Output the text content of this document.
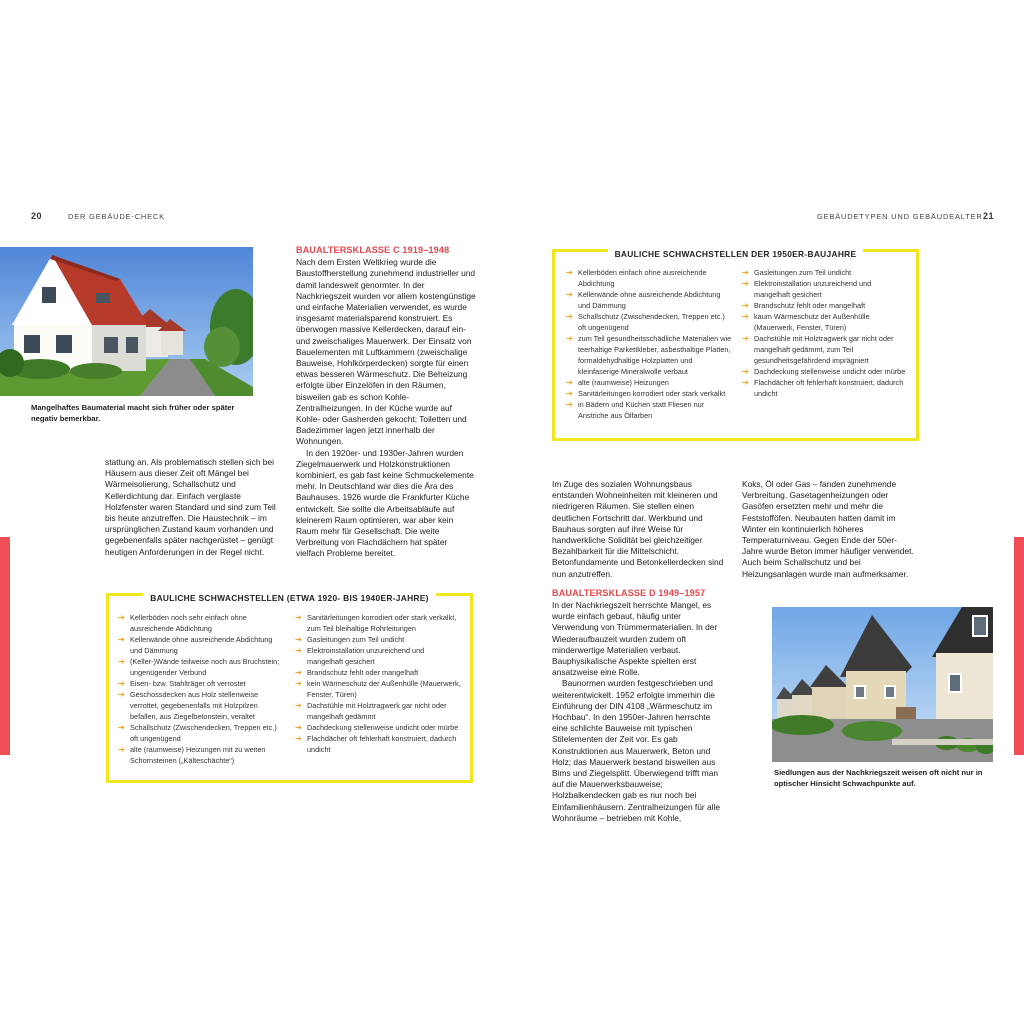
20	DER GEBÄUDE-CHECK	GEBÄUDETYPEN UND GEBÄUDEALTER 21
Mangelhaftes Baumaterial macht sich früher oder später negativ bemerkbar.

stattung an. Als problematisch stellen sich bei Häusern aus dieser Zeit oft Mängel bei Wärmeisolierung, Schallschutz und Kellerdichtung dar. Einfach verglaste Holzfenster waren Standard und sind zum Teil bis heute anzutreffen. Die Haustechnik – im ursprünglichen Zustand kaum vorhanden und gegebenenfalls später nachgerüstet – genügt heutigen Anforderungen in der Regel nicht.

BAUALTERSKLASSE C 1919–1948

Nach dem Ersten Weltkrieg wurde die Baustoffherstellung zunehmend industrieller und damit landesweit genormter. In der Nachkriegszeit wurden vor allem kostengünstige und einfache Materialien verwendet, es wurde insgesamt materialsparend konstruiert. Es überwogen massive Kellerdecken, darauf ein- und zweischaliges Mauerwerk. Der Einsatz von Bauelementen mit Luftkammern (zweischalige Bauweise, Hohlkörperdecken) sorgte für einen etwas besseren Wärmeschutz. Die Beheizung erfolgte über Einzelöfen in den Räumen, bisweilen gab es schon Kohle-Zentralheizungen. In der Küche wurde auf Kohle- oder Gasherden gekocht; Toiletten und Badezimmer lagen jetzt innerhalb der Wohnungen.

In den 1920er- und 1930er-Jahren wurden Ziegelmauerwerk und Holzkonstruktionen kombiniert, es gab fast keine Schmuckelemente mehr. In Deutschland war dies die Ära des Bauhauses. 1926 wurde die Frankfurter Küche entwickelt. Sie sollte die Arbeitsabläufe auf kleinerem Raum optimieren, war aber kein Raum mehr für Gesellschaft. Die weite Verbreitung von Flachdächern hat später vielfach Probleme bereitet.

BAULICHE SCHWACHSTELLEN (ETWA 1920- BIS 1940ER-JAHRE)
➔ Kellerböden noch sehr einfach ohne ausreichende Abdichtung
➔ Kellerwände ohne ausreichende Abdichtung und Dämmung
➔ (Keller-)Wände teilweise noch aus Bruchstein; ungenügender Verbund
➔ Eisen- bzw. Stahlträger oft verrostet
➔ Geschossdecken aus Holz stellenweise verrottet, gegebenenfalls mit Holzpilzen befallen, aus Ziegelbetonstein, veraltet
➔ Schallschutz (Zwischendecken, Treppen etc.) oft ungenügend
➔ alte (raumweise) Heizungen mit zu weiten Schornsteinen („Kälteschächte“)
➔ Sanitärleitungen korrodiert oder stark verkalkt, zum Teil bleihaltige Rohrleitungen
➔ Gasleitungen zum Teil undicht
➔ Elektroinstallation unzureichend und mangelhaft gesichert
➔ Brandschutz fehlt oder mangelhaft
➔ kein Wärmeschutz der Außenhülle (Mauerwerk, Fenster, Türen)
➔ Dachstühle mit Holztragwerk gar nicht oder mangelhaft gedämmt
➔ Dachdeckung stellenweise undicht oder mürbe
➔ Flachdächer oft fehlerhaft konstruiert, dadurch undicht
BAULICHE SCHWACHSTELLEN DER 1950ER-BAUJAHRE
➔ Kellerböden einfach ohne ausreichende Abdichtung
➔ Kellerwände ohne ausreichende Abdichtung und Dämmung
➔ Schallschutz (Zwischendecken, Treppen etc.) oft ungenügend
➔ zum Teil gesundheitsschädliche Materialien wie teerhaltige Parkettkleber, asbesthaltige Platten, formaldehydhaltige Holzplatten und kleinfaserige Mineralwolle verbaut
➔ alte (raumweise) Heizungen
➔ Sanitärleitungen korrodiert oder stark verkalkt
➔ in Bädern und Küchen statt Fliesen nur Anstriche aus Ölfarben
➔ Gasleitungen zum Teil undicht
➔ Elektroinstallation unzureichend und mangelhaft gesichert
➔ Brandschutz fehlt oder mangelhaft
➔ kaum Wärmeschutz der Außenhülle (Mauerwerk, Fenster, Türen)
➔ Dachstühle mit Holztragwerk gar nicht oder mangelhaft gedämmt, zum Teil gesundheitsgefährdend imprägniert
➔ Dachdeckung stellenweise undicht oder mürbe
➔ Flachdächer oft fehlerhaft konstruiert, dadurch undicht

Im Zuge des sozialen Wohnungsbaus entstanden Wohneinheiten mit kleineren und niedrigeren Räumen. Sie stellen einen deutlichen Fortschritt dar. Werkbund und Bauhaus sorgten auf ihre Weise für handwerkliche Solidität bei gleichzeitiger Bezahlbarkeit für die Mittelschicht. Betonfundamente und Betonkellerdecken sind nun anzutreffen.

BAUALTERSKLASSE D 1949–1957

In der Nachkriegszeit herrschte Mangel, es wurde einfach gebaut, häufig unter Verwendung von Trümmermaterialien. In der Wiederaufbauzeit wurden zudem oft minderwertige Materialien verbaut. Bauphysikalische Aspekte spielten erst ansatzweise eine Rolle.

Baunormen wurden festgeschrieben und weiterentwickelt. 1952 erfolgte immerhin die Einführung der DIN 4108 „Wärmeschutz im Hochbau“. In den 1950er-Jahren herrschte eine schlichte Bauweise mit typischen Stilelementen der Zeit vor. Es gab Konstruktionen aus Mauerwerk, Beton und Holz; das Mauerwerk bestand bisweilen aus Bims und Ziegelsplitt. Überwiegend trifft man auf die Mauerwerksbauweise; Holzbalkendecken gab es nur noch bei Einfamilienhäusern. Zentralheizungen für alle Wohnräume – betrieben mit Kohle,

Koks, Öl oder Gas – fanden zunehmende Verbreitung. Gasetagenheizungen oder Gasöfen ersetzten mehr und mehr die Feststofföfen. Neubauten hatten damit im Winter ein kontinuierlich höheres Temperaturniveau. Gegen Ende der 50er-Jahre wurde Beton immer häufiger verwendet. Auch beim Schallschutz und bei Heizungsanlagen wurde man aufmerksamer.

Siedlungen aus der Nachkriegszeit weisen oft nicht nur in optischer Hinsicht Schwachpunkte auf.
